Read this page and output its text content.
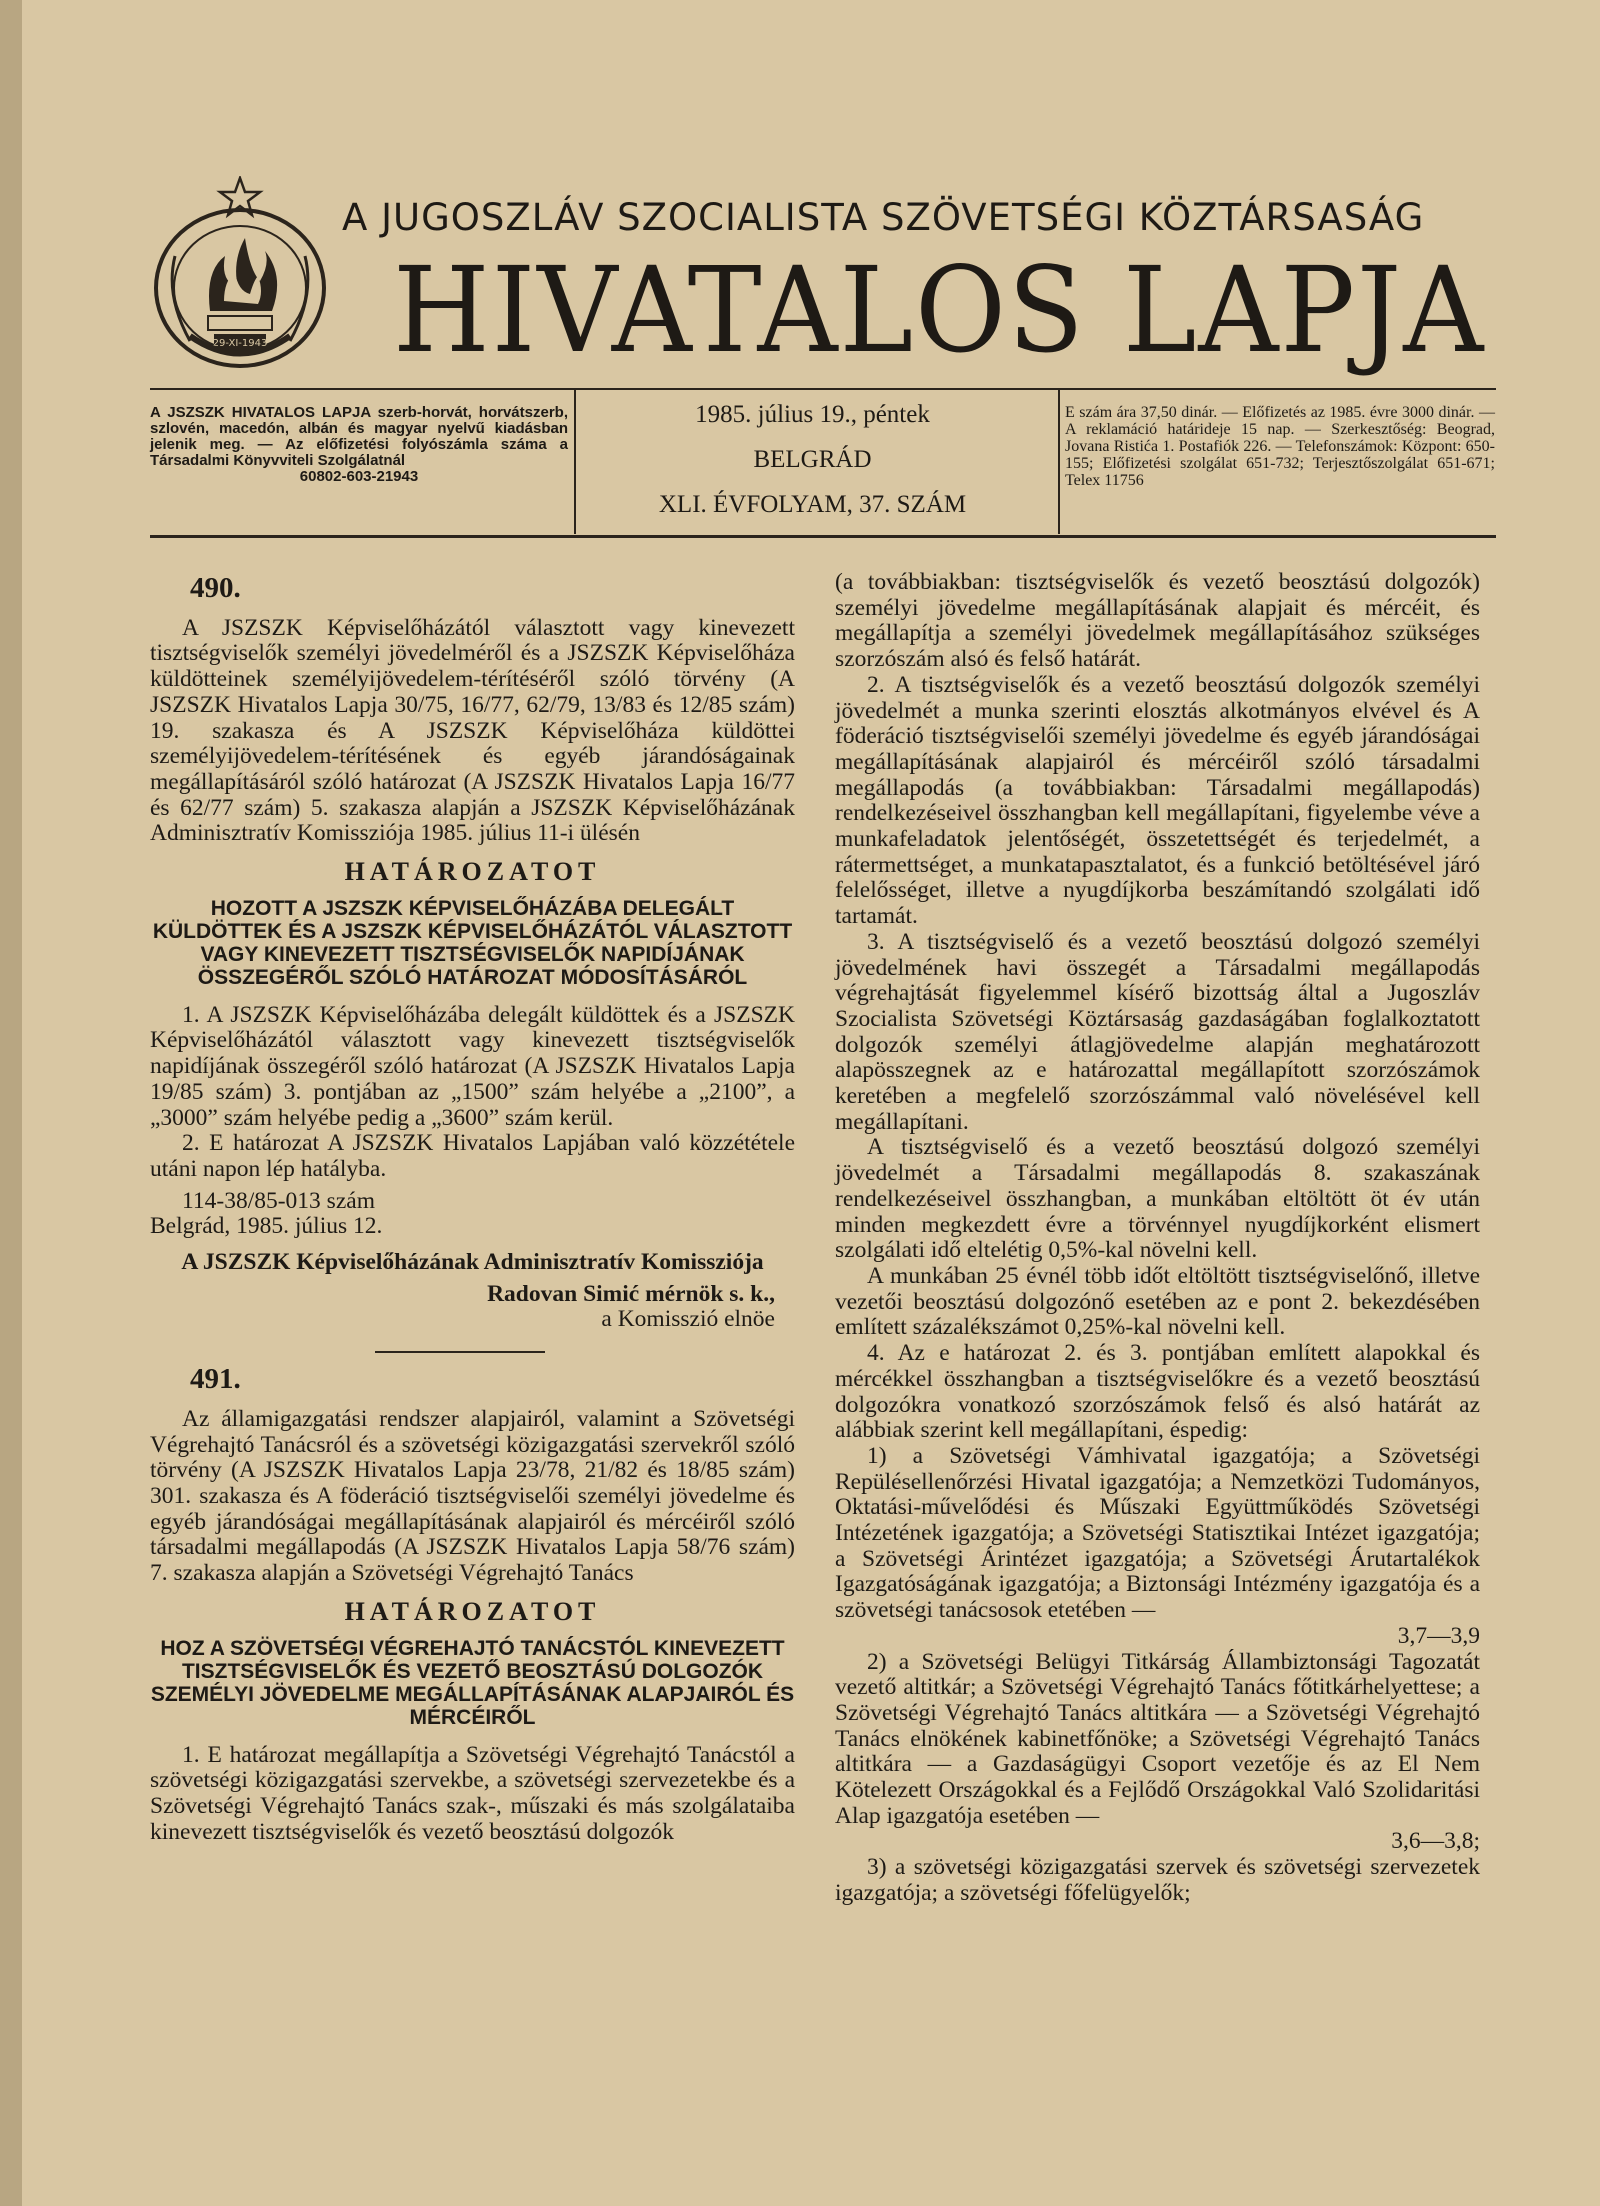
29-XI-1943
A JUGOSZLÁV SZOCIALISTA SZÖVETSÉGI KÖZTÁRSASÁG
HIVATALOS LAPJA
A JSZSZK HIVATALOS LAPJA szerb-horvát, horvátszerb, szlovén, macedón, albán és magyar nyelvű kiadásban jelenik meg. — Az előfizetési folyószámla száma a Társadalmi Könyvviteli Szolgálatnál
60802-603-21943
1985. július 19., péntek
BELGRÁD
XLI. ÉVFOLYAM, 37. SZÁM
E szám ára 37,50 dinár. — Előfizetés az 1985. évre 3000 dinár. — A reklamáció határideje 15 nap. — Szerkesztőség: Beograd, Jovana Ristića 1. Postafiók 226. — Telefonszámok: Központ: 650-155; Előfizetési szolgálat 651-732; Terjesztőszolgálat 651-671; Telex 11756

490.

A JSZSZK Képviselőházától választott vagy kinevezett tisztségviselők személyi jövedelméről és a JSZSZK Képviselőháza küldötteinek személyijövedelem-térítéséről szóló törvény (A JSZSZK Hivatalos Lapja 30/75, 16/77, 62/79, 13/83 és 12/85 szám) 19. szakasza és A JSZSZK Képviselőháza küldöttei személyijövedelem-térítésének és egyéb járandóságainak megállapításáról szóló határozat (A JSZSZK Hivatalos Lapja 16/77 és 62/77 szám) 5. szakasza alapján a JSZSZK Képviselőházának Adminisztratív Komissziója 1985. július 11-i ülésén

HATÁROZATOT

HOZOTT A JSZSZK KÉPVISELŐHÁZÁBA DELEGÁLT KÜLDÖTTEK ÉS A JSZSZK KÉPVISELŐHÁZÁTÓL VÁLASZTOTT VAGY KINEVEZETT TISZTSÉGVISELŐK NAPIDÍJÁNAK ÖSSZEGÉRŐL SZÓLÓ HATÁROZAT MÓDOSÍTÁSÁRÓL

1. A JSZSZK Képviselőházába delegált küldöttek és a JSZSZK Képviselőházától választott vagy kinevezett tisztségviselők napidíjának összegéről szóló határozat (A JSZSZK Hivatalos Lapja 19/85 szám) 3. pontjában az „1500” szám helyébe a „2100”, a „3000” szám helyébe pedig a „3600” szám kerül.

2. E határozat A JSZSZK Hivatalos Lapjában való közzététele utáni napon lép hatályba.

114-38/85-013 szám

Belgrád, 1985. július 12.

A JSZSZK Képviselőházának Adminisztratív Komissziója

Radovan Simić mérnök s. k.,

a Komisszió elnöe

491.

Az államigazgatási rendszer alapjairól, valamint a Szövetségi Végrehajtó Tanácsról és a szövetségi közigazgatási szervekről szóló törvény (A JSZSZK Hivatalos Lapja 23/78, 21/82 és 18/85 szám) 301. szakasza és A föderáció tisztségviselői személyi jövedelme és egyéb járandóságai megállapításának alapjairól és mércéiről szóló társadalmi megállapodás (A JSZSZK Hivatalos Lapja 58/76 szám) 7. szakasza alapján a Szövetségi Végrehajtó Tanács

HATÁROZATOT

HOZ A SZÖVETSÉGI VÉGREHAJTÓ TANÁCSTÓL KINEVEZETT TISZTSÉGVISELŐK ÉS VEZETŐ BEOSZTÁSÚ DOLGOZÓK SZEMÉLYI JÖVEDELME MEGÁLLAPÍTÁSÁNAK ALAPJAIRÓL ÉS MÉRCÉIRŐL

1. E határozat megállapítja a Szövetségi Végrehajtó Tanácstól a szövetségi közigazgatási szervekbe, a szövetségi szervezetekbe és a Szövetségi Végrehajtó Tanács szak-, műszaki és más szolgálataiba kinevezett tisztségviselők és vezető beosztású dolgozók

(a továbbiakban: tisztségviselők és vezető beosztású dolgozók) személyi jövedelme megállapításának alapjait és mércéit, és megállapítja a személyi jövedelmek megállapításához szükséges szorzószám alsó és felső határát.

2. A tisztségviselők és a vezető beosztású dolgozók személyi jövedelmét a munka szerinti elosztás alkotmányos elvével és A föderáció tisztségviselői személyi jövedelme és egyéb járandóságai megállapításának alapjairól és mércéiről szóló társadalmi megállapodás (a továbbiakban: Társadalmi megállapodás) rendelkezéseivel összhangban kell megállapítani, figyelembe véve a munkafeladatok jelentőségét, összetettségét és terjedelmét, a rátermettséget, a munkatapasztalatot, és a funkció betöltésével járó felelősséget, illetve a nyugdíjkorba beszámítandó szolgálati idő tartamát.

3. A tisztségviselő és a vezető beosztású dolgozó személyi jövedelmének havi összegét a Társadalmi megállapodás végrehajtását figyelemmel kísérő bizottság által a Jugoszláv Szocialista Szövetségi Köztársaság gazdaságában foglalkoztatott dolgozók személyi átlagjövedelme alapján meghatározott alapösszegnek az e határozattal megállapított szorzószámok keretében a megfelelő szorzószámmal való növelésével kell megállapítani.

A tisztségviselő és a vezető beosztású dolgozó személyi jövedelmét a Társadalmi megállapodás 8. szakaszának rendelkezéseivel összhangban, a munkában eltöltött öt év után minden megkezdett évre a törvénnyel nyugdíjkorként elismert szolgálati idő eltelétig 0,5%-kal növelni kell.

A munkában 25 évnél több időt eltöltött tisztségviselőnő, illetve vezetői beosztású dolgozónő esetében az e pont 2. bekezdésében említett százalékszámot 0,25%-kal növelni kell.

4. Az e határozat 2. és 3. pontjában említett alapokkal és mércékkel összhangban a tisztségviselőkre és a vezető beosztású dolgozókra vonatkozó szorzószámok felső és alsó határát az alábbiak szerint kell megállapítani, éspedig:

1) a Szövetségi Vámhivatal igazgatója; a Szövetségi Repülésellenőrzési Hivatal igazgatója; a Nemzetközi Tudományos, Oktatási-művelődési és Műszaki Együttműködés Szövetségi Intézetének igazgatója; a Szövetségi Statisztikai Intézet igazgatója; a Szövetségi Árintézet igazgatója; a Szövetségi Árutartalékok Igazgatóságának igazgatója; a Biztonsági Intézmény igazgatója és a szövetségi tanácsosok etetében —

3,7—3,9

2) a Szövetségi Belügyi Titkárság Állambiztonsági Tagozatát vezető altitkár; a Szövetségi Végrehajtó Tanács főtitkárhelyettese; a Szövetségi Végrehajtó Tanács altitkára — a Szövetségi Végrehajtó Tanács elnökének kabinetfőnöke; a Szövetségi Végrehajtó Tanács altitkára — a Gazdaságügyi Csoport vezetője és az El Nem Kötelezett Országokkal és a Fejlődő Országokkal Való Szolidaritási Alap igazgatója esetében —

3,6—3,8;

3) a szövetségi közigazgatási szervek és szövetségi szervezetek igazgatója; a szövetségi főfelügyelők;
